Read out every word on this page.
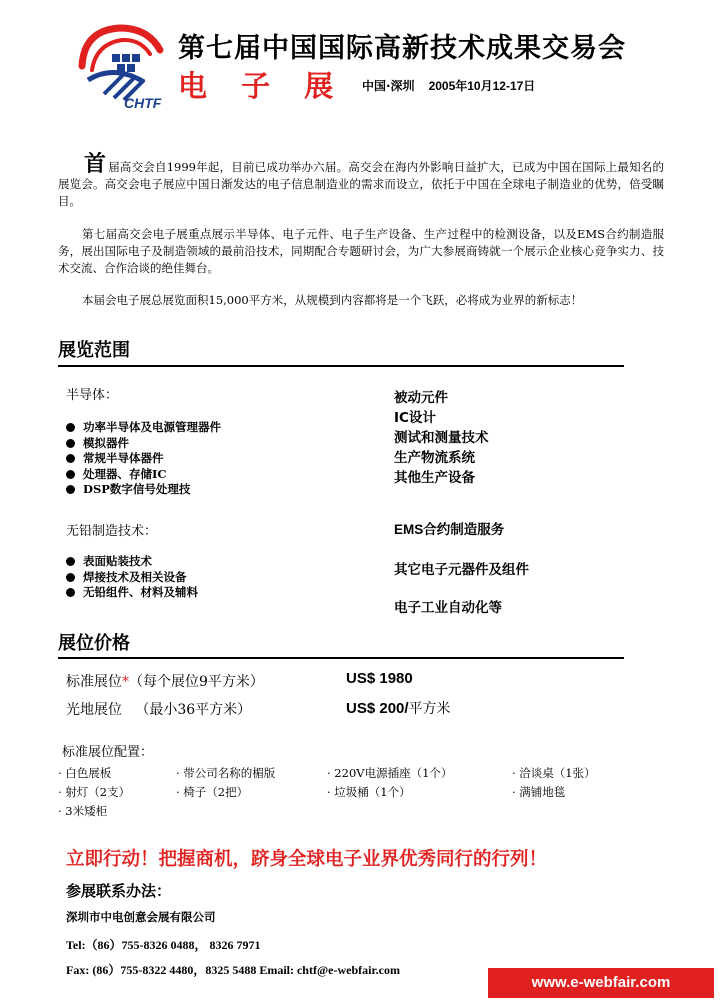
CHTF
第七届中国国际高新技术成果交易会
电 子 展 中国·深圳 2005年10月12-17日
首届高交会自1999年起，目前已成功举办六届。高交会在海内外影响日益扩大，已成为中国在国际上最知名的展览会。高交会电子展应中国日渐发达的电子信息制造业的需求而设立，依托于中国在全球电子制造业的优势，倍受瞩目。
第七届高交会电子展重点展示半导体、电子元件、电子生产设备、生产过程中的检测设备，以及EMS合约制造服务，展出国际电子及制造领域的最前沿技术，同期配合专题研讨会，为广大参展商铸就一个展示企业核心竞争实力、技术交流、合作洽谈的绝佳舞台。
本届会电子展总展览面积15,000平方米，从规模到内容都将是一个飞跃，必将成为业界的新标志！
展览范围
半导体：
功率半导体及电源管理器件
模拟器件
常规半导体器件
处理器、存储IC
DSP数字信号处理技
无铅制造技术：
表面贴装技术
焊接技术及相关设备
无铅组件、材料及辅料
被动元件
IC设计
测试和测量技术
生产物流系统
其他生产设备
EMS合约制造服务
其它电子元器件及组件
电子工业自动化等
展位价格
标准展位*（每个展位9平方米）	US$ 1980
光地展位 （最小36平方米）	US$ 200/平方米
标准展位配置：
· 白色展板	· 带公司名称的楣版	· 220V电源插座（1个）	· 洽谈桌（1张）
· 射灯（2支）	· 椅子（2把）	· 垃圾桶（1个）	· 满铺地毯
· 3米矮柜
立即行动！把握商机，跻身全球电子业界优秀同行的行列！
参展联系办法：
深圳市中电创意会展有限公司
Tel:（86）755-8326 0488， 8326 7971
Fax: (86）755-8322 4480，8325 5488 Email: chtf@e-webfair.com
www.e-webfair.com
